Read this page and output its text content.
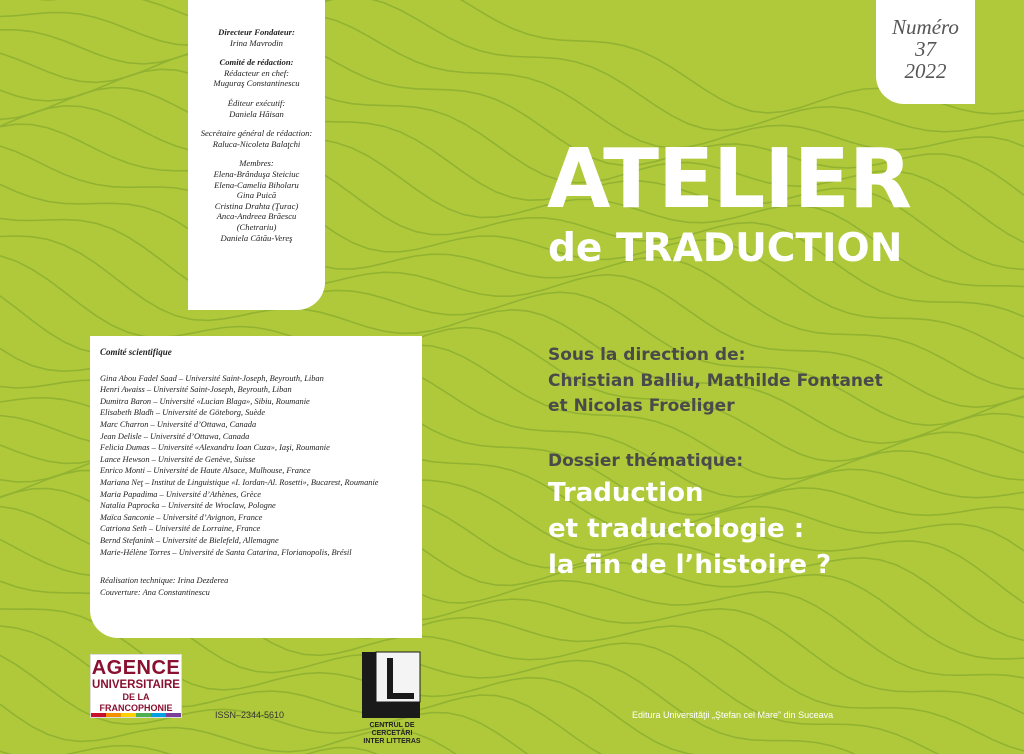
Directeur Fondateur:
Irina Mavrodin
Comité de rédaction:
Rédacteur en chef:
Muguraş Constantinescu
Éditeur exécutif:
Daniela Hăisan
Secrétaire général de rédaction:
Raluca-Nicoleta Balaţchi
Membres:
Elena-Brânduşa Steiciuc
Elena-Camelia Biholaru
Gina Puică
Cristina Drahta (Ţurac)
Anca-Andreea Brăescu
(Chetrariu)
Daniela Cătău-Vereş
Comité scientifique
Gina Abou Fadel Saad – Université Saint-Joseph, Beyrouth, Liban
Henri Awaiss – Université Saint-Joseph, Beyrouth, Liban
Dumitra Baron – Université «Lucian Blaga», Sibiu, Roumanie
Elisabeth Bladh – Université de Göteborg, Suède
Marc Charron – Université d’Ottawa, Canada
Jean Delisle – Université d’Ottawa, Canada
Felicia Dumas – Université «Alexandru Ioan Cuza», Iaşi, Roumanie
Lance Hewson – Université de Genève, Suisse
Enrico Monti – Université de Haute Alsace, Mulhouse, France
Mariana Neţ – Institut de Linguistique «I. Iordan-Al. Rosetti», Bucarest, Roumanie
Maria Papadima – Université d’Athènes, Grèce
Natalia Paprocka – Université de Wroclaw, Pologne
Maïca Sanconie – Université d’Avignon, France
Catriona Seth – Université de Lorraine, France
Bernd Stefanink – Université de Bielefeld, Allemagne
Marie-Hélène Torres – Université de Santa Catarina, Florianopolis, Brésil
Réalisation technique: Irina Dezderea
Couverture: Ana Constantinescu
Numéro
37
2022
ATELIER
de TRADUCTION
Sous la direction de:
Christian Balliu, Mathilde Fontanet
et Nicolas Froeliger
Dossier thématique:
Traduction
et traductologie :
la fin de l’histoire ?
AGENCE
UNIVERSITAIRE
DE LA FRANCOPHONIE
ISSN–2344-5610
CENTRUL DE CERCETĂRI
INTER LITTERAS
Editura Universităţii „Ştefan cel Mare” din Suceava
